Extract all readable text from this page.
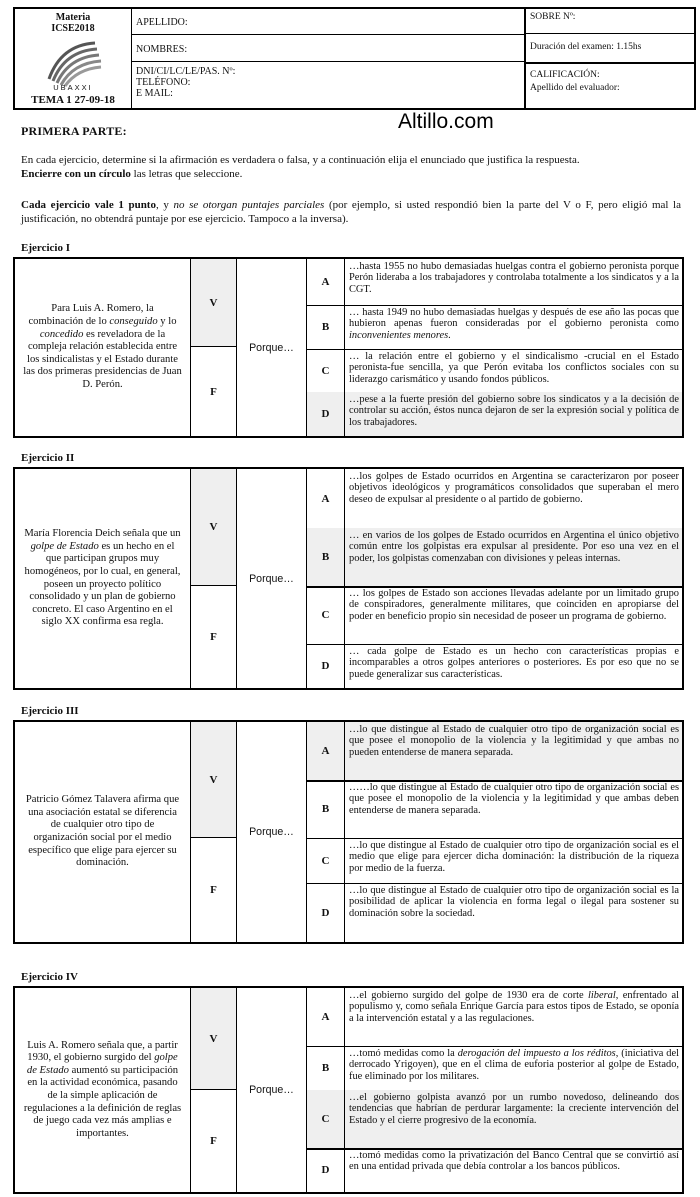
Materia
ICSE2018
UBAXXI
TEMA 1 27-09-18
APELLIDO:
NOMBRES:
DNI/CI/LC/LE/PAS. Nº:
TELÉFONO:
E MAIL:
SOBRE Nº:
Duración del examen: 1.15hs
CALIFICACIÓN:
Apellido del evaluador:
Altillo.com
PRIMERA PARTE:
En cada ejercicio, determine si la afirmación es verdadera o falsa, y a continuación elija el enunciado que justifica la respuesta.
Encierre con un círculo las letras que seleccione.
Cada ejercicio vale 1 punto, y no se otorgan puntajes parciales (por ejemplo, si usted respondió bien la parte del V o F, pero eligió mal la justificación, no obtendrá puntaje por ese ejercicio. Tampoco a la inversa).
Ejercicio I
Para Luis A. Romero, la combinación de lo conseguido y lo concedido es reveladora de la compleja relación establecida entre los sindicalistas y el Estado durante las dos primeras presidencias de Juan D. Perón.
V
F
Porque…
A
…hasta 1955 no hubo demasiadas huelgas contra el gobierno peronista porque Perón lideraba a los trabajadores y controlaba totalmente a los sindicatos y a la CGT.
B
… hasta 1949 no hubo demasiadas huelgas y después de ese año las pocas que hubieron apenas fueron consideradas por el gobierno peronista como inconvenientes menores.
C
… la relación entre el gobierno y el sindicalismo -crucial en el Estado peronista-fue sencilla, ya que Perón evitaba los conflictos sociales con su liderazgo carismático y usando fondos públicos.
D
…pese a la fuerte presión del gobierno sobre los sindicatos y a la decisión de controlar su acción, éstos nunca dejaron de ser la expresión social y política de los trabajadores.
Ejercicio II
María Florencia Deich señala que un golpe de Estado es un hecho en el que participan grupos muy homogéneos, por lo cual, en general, poseen un proyecto político consolidado y un plan de gobierno concreto. El caso Argentino en el siglo XX confirma esa regla.
V
F
Porque…
A
…los golpes de Estado ocurridos en Argentina se caracterizaron por poseer objetivos ideológicos y programáticos consolidados que superaban el mero deseo de expulsar al presidente o al partido de gobierno.
B
… en varios de los golpes de Estado ocurridos en Argentina el único objetivo común entre los golpistas era expulsar al presidente. Por eso una vez en el poder, los golpistas comenzaban con divisiones y peleas internas.
C
… los golpes de Estado son acciones llevadas adelante por un limitado grupo de conspiradores, generalmente militares, que coinciden en apropiarse del poder en beneficio propio sin necesidad de poseer un programa de gobierno.
D
… cada golpe de Estado es un hecho con características propias e incomparables a otros golpes anteriores o posteriores. Es por eso que no se puede generalizar sus características.
Ejercicio III
Patricio Gómez Talavera afirma que una asociación estatal se diferencia de cualquier otro tipo de organización social por el medio específico que elige para ejercer su dominación.
V
F
Porque…
A
…lo que distingue al Estado de cualquier otro tipo de organización social es que posee el monopolio de la violencia y la legitimidad y que ambas no pueden entenderse de manera separada.
B
……lo que distingue al Estado de cualquier otro tipo de organización social es que posee el monopolio de la violencia y la legitimidad y que ambas deben entenderse de manera separada.
C
…lo que distingue al Estado de cualquier otro tipo de organización social es el medio que elige para ejercer dicha dominación: la distribución de la riqueza por medio de la fuerza.
D
…lo que distingue al Estado de cualquier otro tipo de organización social es la posibilidad de aplicar la violencia en forma legal o ilegal para sostener su dominación sobre la sociedad.
Ejercicio IV
Luis A. Romero señala que, a partir 1930, el gobierno surgido del golpe de Estado aumentó su participación en la actividad económica, pasando de la simple aplicación de regulaciones a la definición de reglas de juego cada vez más amplias e importantes.
V
F
Porque…
A
…el gobierno surgido del golpe de 1930 era de corte liberal, enfrentado al populismo y, como señala Enrique García para estos tipos de Estado, se oponía a la intervención estatal y a las regulaciones.
B
…tomó medidas como la derogación del impuesto a los réditos, (iniciativa del derrocado Yrigoyen), que en el clima de euforia posterior al golpe de Estado, fue eliminado por los militares.
C
…el gobierno golpista avanzó por un rumbo novedoso, delineando dos tendencias que habrían de perdurar largamente: la creciente intervención del Estado y el cierre progresivo de la economía.
D
…tomó medidas como la privatización del Banco Central que se convirtió así en una entidad privada que debía controlar a los bancos públicos.
